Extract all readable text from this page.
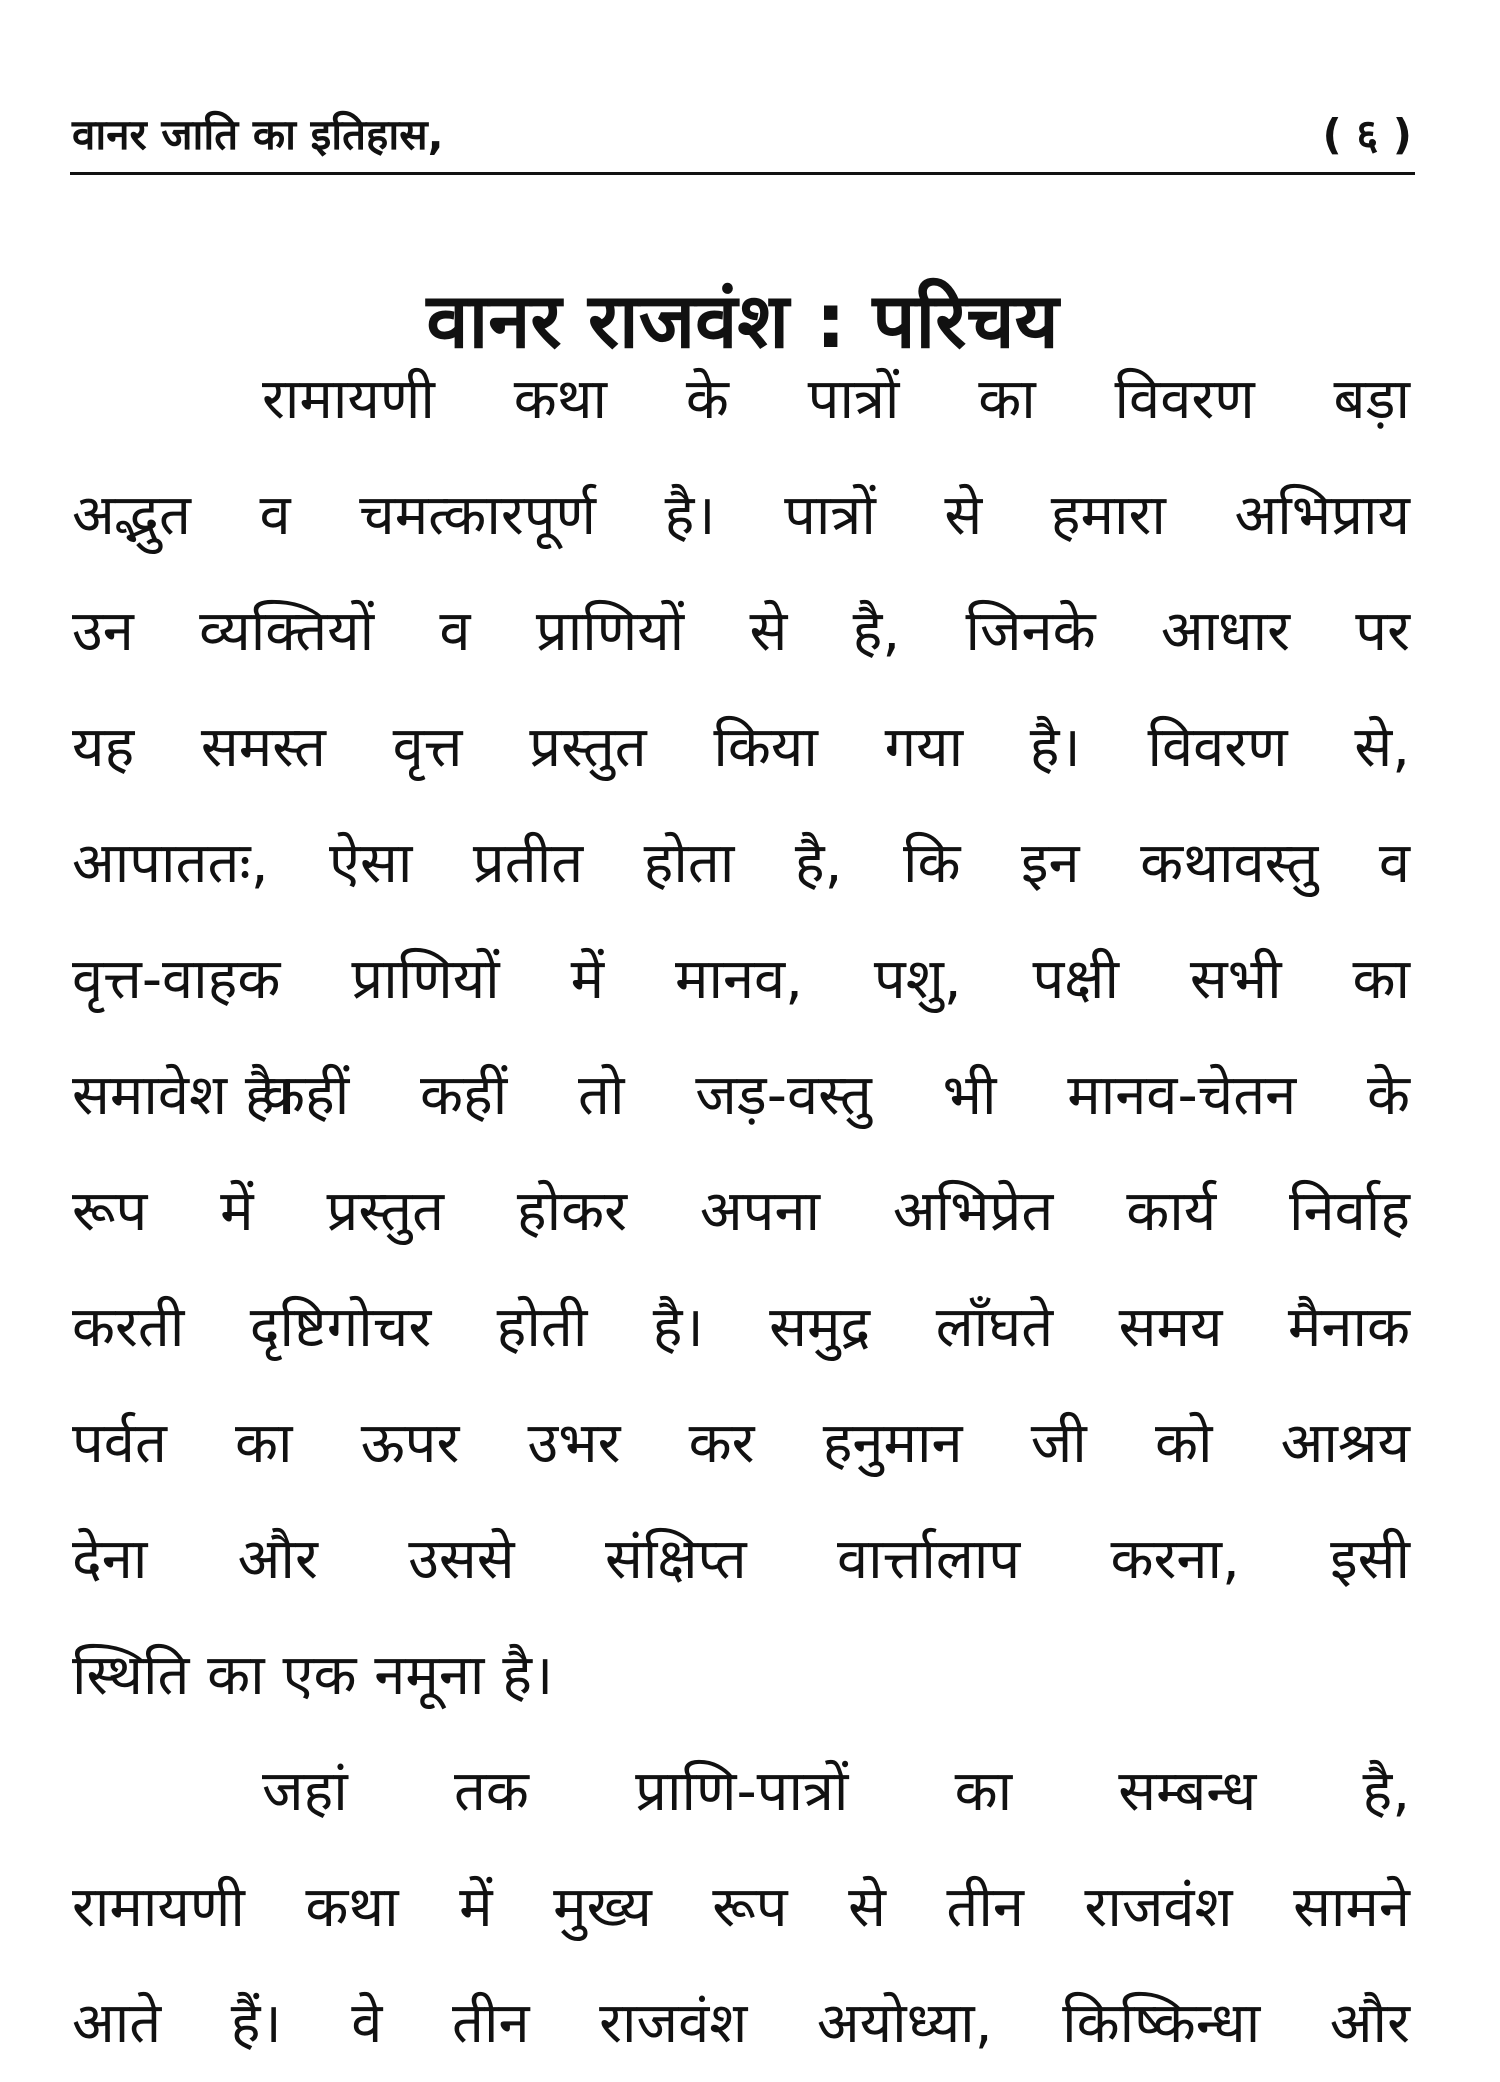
वानर जाति का इतिहास,	( ६ )
वानर राजवंश : परिचय
रामायणी कथा के पात्रों का विवरण बड़ा
अद्भुत व चमत्कारपूर्ण है। पात्रों से हमारा अभिप्राय
उन व्यक्तियों व प्राणियों से है, जिनके आधार पर
यह समस्त वृत्त प्रस्तुत किया गया है। विवरण से,
आपाततः, ऐसा प्रतीत होता है, कि इन कथावस्तु व
वृत्त-वाहक प्राणियों में मानव, पशु, पक्षी सभी का
समावेश है।
कहीं कहीं तो जड़-वस्तु भी मानव-चेतन के
रूप में प्रस्तुत होकर अपना अभिप्रेत कार्य निर्वाह
करती दृष्टिगोचर होती है। समुद्र लाँघते समय मैनाक
पर्वत का ऊपर उभर कर हनुमान जी को आश्रय
देना और उससे संक्षिप्त वार्त्तालाप करना, इसी
स्थिति का एक नमूना है।
जहां तक प्राणि-पात्रों का सम्बन्ध है,
रामायणी कथा में मुख्य रूप से तीन राजवंश सामने
आते हैं। वे तीन राजवंश अयोध्या, किष्किन्धा और
